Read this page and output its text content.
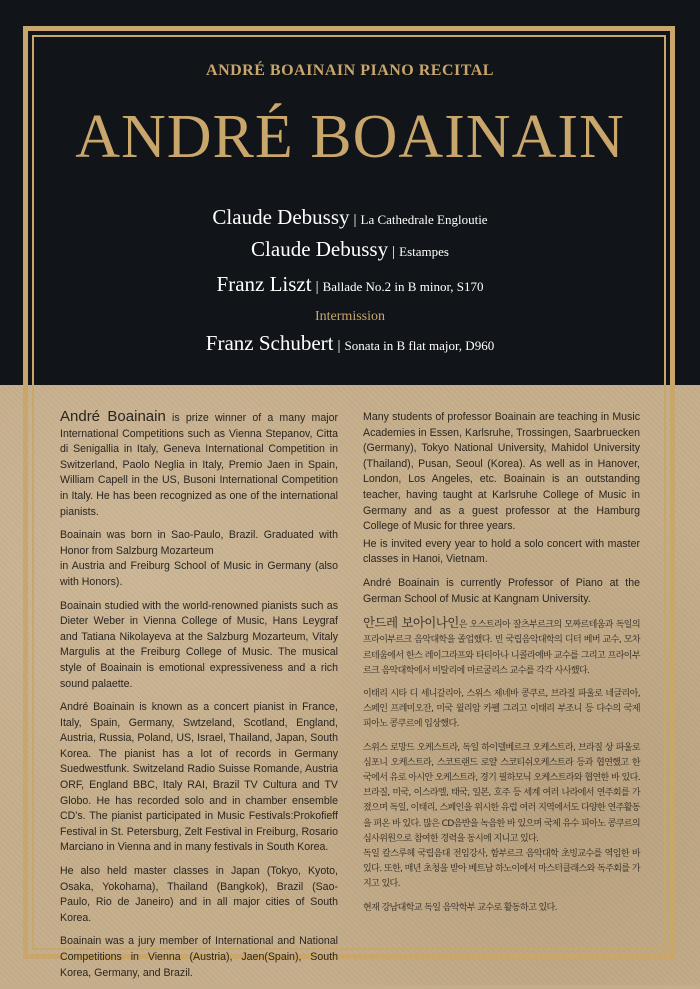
ANDRÉ BOAINAIN PIANO RECITAL
ANDRÉ BOAINAIN
Claude Debussy | La Cathedrale Engloutie
Claude Debussy | Estampes
Franz Liszt | Ballade No.2 in B minor, S170
Intermission
Franz Schubert | Sonata in B flat major, D960

André Boainain is prize winner of a many major International Competitions such as Vienna Stepanov, Citta di Senigallia in Italy, Geneva International Competition in Switzerland, Paolo Neglia in Italy, Premio Jaen in Spain, William Capell in the US, Busoni International Competition in Italy. He has been recognized as one of the international pianists.

Boainain was born in Sao-Paulo, Brazil. Graduated with Honor from Salzburg Mozarteum
in Austria and Freiburg School of Music in Germany (also with Honors).

Boainain studied with the world-renowned pianists such as Dieter Weber in Vienna College of Music, Hans Leygraf and Tatiana Nikolayeva at the Salzburg Mozarteum, Vitaly Margulis at the Freiburg College of Music. The musical style of Boainain is emotional expressiveness and a rich sound palaette.

André Boainain is known as a concert pianist in France, Italy, Spain, Germany, Swtzeland, Scotland, England, Austria, Russia, Poland, US, Israel, Thailand, Japan, South Korea. The pianist has a lot of records in Germany Suedwestfunk. Switzeland Radio Suisse Romande, Austria ORF, England BBC, Italy RAI, Brazil TV Cultura and TV Globo. He has recorded solo and in chamber ensemble CD's. The pianist participated in Music Festivals:Prokofieff Festival in St. Petersburg, Zelt Festival in Freiburg, Rosario Marciano in Vienna and in many festivals in South Korea.

He also held master classes in Japan (Tokyo, Kyoto, Osaka, Yokohama), Thailand (Bangkok), Brazil (Sao-Paulo, Rio de Janeiro) and in all major cities of South Korea.

Boainain was a jury member of International and National Competitions in Vienna (Austria), Jaen(Spain), South Korea, Germany, and Brazil.

Many students of professor Boainain are teaching in Music Academies in Essen, Karlsruhe, Trossingen, Saarbruecken (Germany), Tokyo National University, Mahidol University (Thailand), Pusan, Seoul (Korea). As well as in Hanover, London, Los Angeles, etc. Boainain is an outstanding teacher, having taught at Karlsruhe College of Music in Germany and as a guest professor at the Hamburg College of Music for three years.

He is invited every year to hold a solo concert with master classes in Hanoi, Vietnam.

André Boainain is currently Professor of Piano at the German School of Music at Kangnam University.

안드레 보아이나인은 오스트리아 잘츠부르크의 모짜르테움과 독일의 프라이부르크 음악대학을 졸업했다. 빈 국립음악대학의 디터 베버 교수, 모차르테움에서 한스 레이그라프와 타티아나 니콜라예바 교수를 그리고 프라이부르크 음악대학에서 비탈리에 마르굴리스 교수를 각각 사사했다.

이태리 시타 디 세니갈리아, 스위스 제네바 콩쿠르, 브라질 파울로 네글리아, 스페인 프레미오잔, 미국 윌리암 카펠 그리고 이태리 부조니 등 다수의 국제 피아노 콩쿠르에 입상했다.

스위스 로망드 오케스트라, 독일 하이델베르크 오케스트라, 브라질 상 파울로 심포니 오케스트라, 스코트랜드 로얄 스코티쉬오케스트라 등과 협연했고 한국에서 유로 아시안 오케스트라, 경기 필하모닉 오케스트라와 협연한 바 있다. 브라질, 미국, 이스라엘, 태국, 일본, 호주 등 세계 여러 나라에서 연주회를 가졌으며 독일, 이태리, 스페인을 위시한 유럽 여러 지역에서도 다양한 연주활동을 펴온 바 있다. 많은 CD음반을 녹음한 바 있으며 국제 유수 피아노 콩쿠르의 심사위원으로 참여한 경력을 동시에 지니고 있다.

독일 칼스루헤 국립음대 전임강사, 함부르크 음악대학 초빙교수를 역임한 바 있다. 또한, 매년 초청을 받아 베트남 하노이에서 마스터클래스와 독주회를 가지고 있다.

현재 강남대학교 독일 음악학부 교수로 활동하고 있다.
